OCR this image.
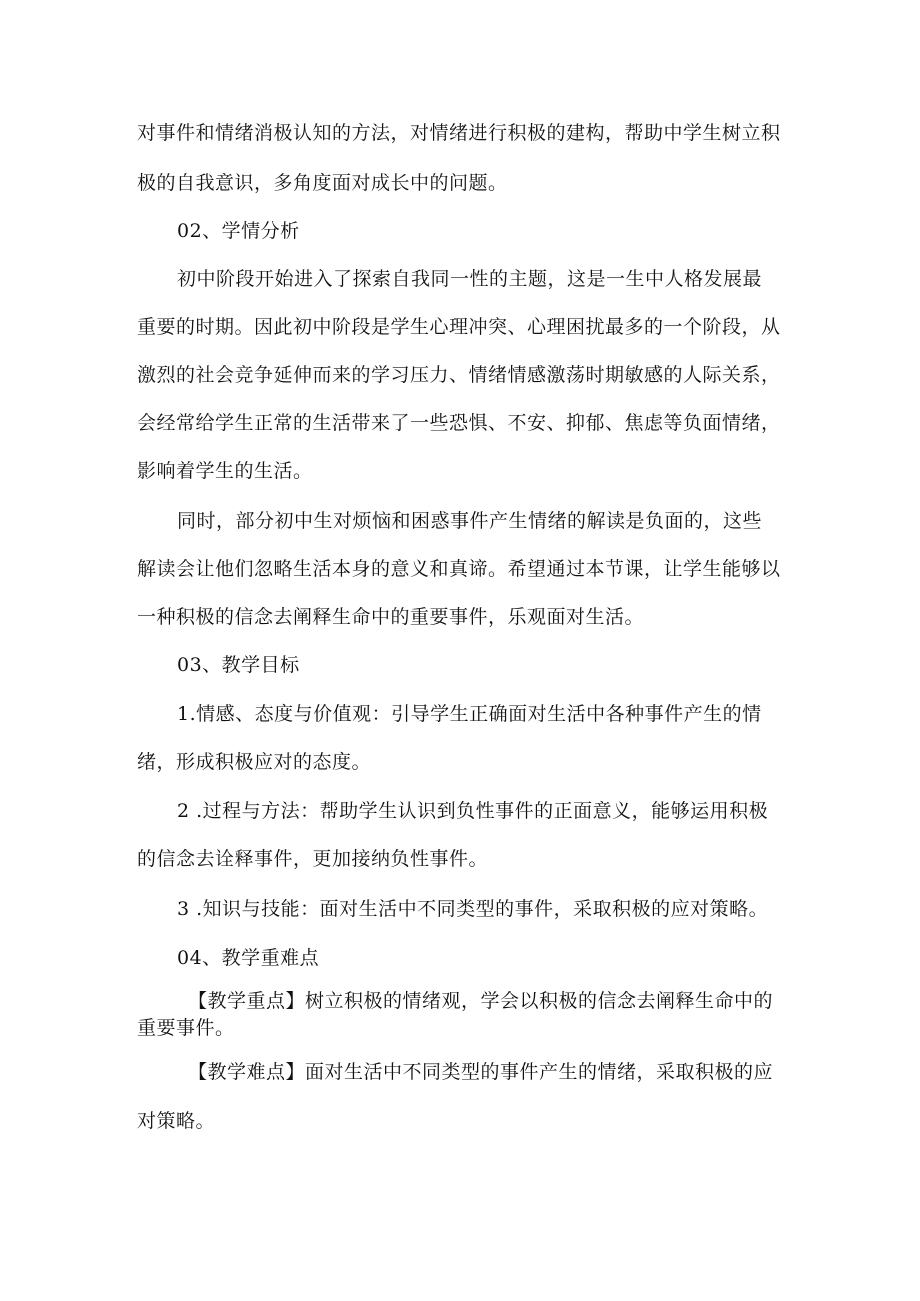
对事件和情绪消极认知的方法，对情绪进行积极的建构，帮助中学生树立积
极的自我意识，多角度面对成长中的问题。
02、学情分析
初中阶段开始进入了探索自我同一性的主题，这是一生中人格发展最
重要的时期。因此初中阶段是学生心理冲突、心理困扰最多的一个阶段，从
激烈的社会竞争延伸而来的学习压力、情绪情感激荡时期敏感的人际关系，
会经常给学生正常的生活带来了一些恐惧、不安、抑郁、焦虑等负面情绪，
影响着学生的生活。
同时，部分初中生对烦恼和困惑事件产生情绪的解读是负面的，这些
解读会让他们忽略生活本身的意义和真谛。希望通过本节课，让学生能够以
一种积极的信念去阐释生命中的重要事件，乐观面对生活。
03、教学目标
1.情感、态度与价值观：引导学生正确面对生活中各种事件产生的情
绪，形成积极应对的态度。
2 .过程与方法：帮助学生认识到负性事件的正面意义，能够运用积极
的信念去诠释事件，更加接纳负性事件。
3 .知识与技能：面对生活中不同类型的事件，采取积极的应对策略。
04、教学重难点
【教学重点】树立积极的情绪观，学会以积极的信念去阐释生命中的
重要事件。
【教学难点】面对生活中不同类型的事件产生的情绪，采取积极的应
对策略。
